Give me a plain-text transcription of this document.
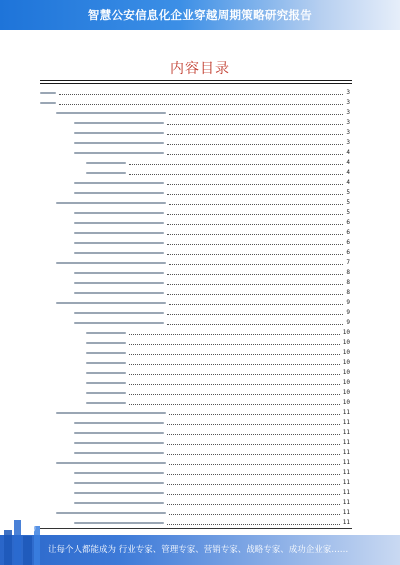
智慧公安信息化企业穿越周期策略研究报告
内容目录
3
3
3
3
3
3
4
4
4
4
5
5
5
6
6
6
6
7
8
8
8
9
9
9
10
10
10
10
10
10
10
10
11
11
11
11
11
11
11
11
11
11
11
11
让每个人都能成为 行业专家、管理专家、营销专家、战略专家、成功企业家……
